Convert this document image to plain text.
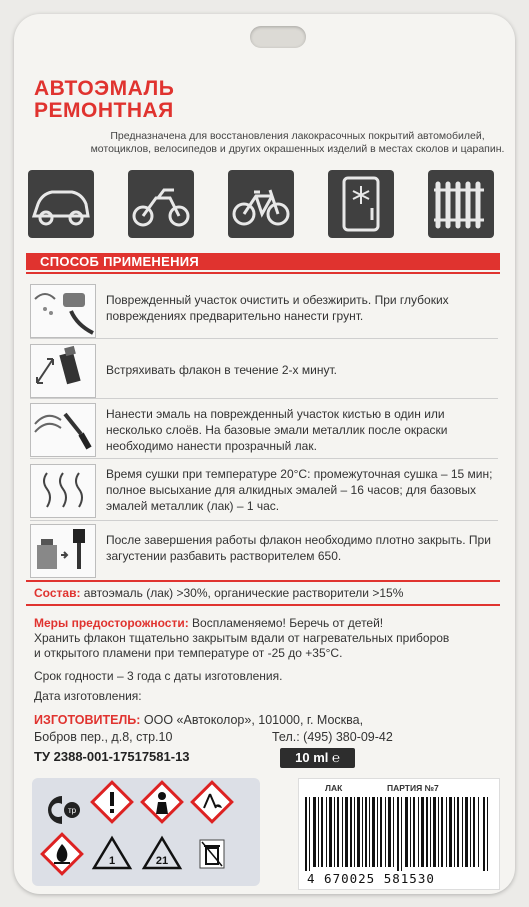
АВТОЭМАЛЬ
РЕМОНТНАЯ
Предназначена для восстановления лакокрасочных покрытий автомобилей, мотоциклов, велосипедов и других окрашенных изделий в местах сколов и царапин.
СПОСОБ ПРИМЕНЕНИЯ
Поврежденный участок очистить и обезжирить. При глубоких повреждениях предварительно нанести грунт.
Встряхивать флакон в течение 2-х минут.
Нанести эмаль на поврежденный участок кистью в один или несколько слоёв. На базовые эмали металлик после окраски необходимо нанести прозрачный лак.
Время сушки при температуре 20°С: промежуточная сушка – 15 мин; полное высыхание для алкидных эмалей – 16 часов; для базовых эмалей металлик (лак) – 1 час.
После завершения работы флакон необходимо плотно закрыть. При загустении разбавить растворителем 650.
Состав: автоэмаль (лак) >30%, органические растворители >15%
Меры предосторожности: Воспламеняемо! Беречь от детей!
Хранить флакон тщательно закрытым вдали от нагревательных приборов
и открытого пламени при температуре от -25 до +35°С.
Срок годности – 3 года с даты изготовления.
Дата изготовления:
ИЗГОТОВИТЕЛЬ: ООО «Автоколор», 101000, г. Москва,
Бобров пер., д.8, стр.10	Тел.: (495) 380-09-42
ТУ 2388-001-17517581-13	10 ml ℮
тр
1	21
ЛАК	ПАРТИЯ №7
4 670025 581530
